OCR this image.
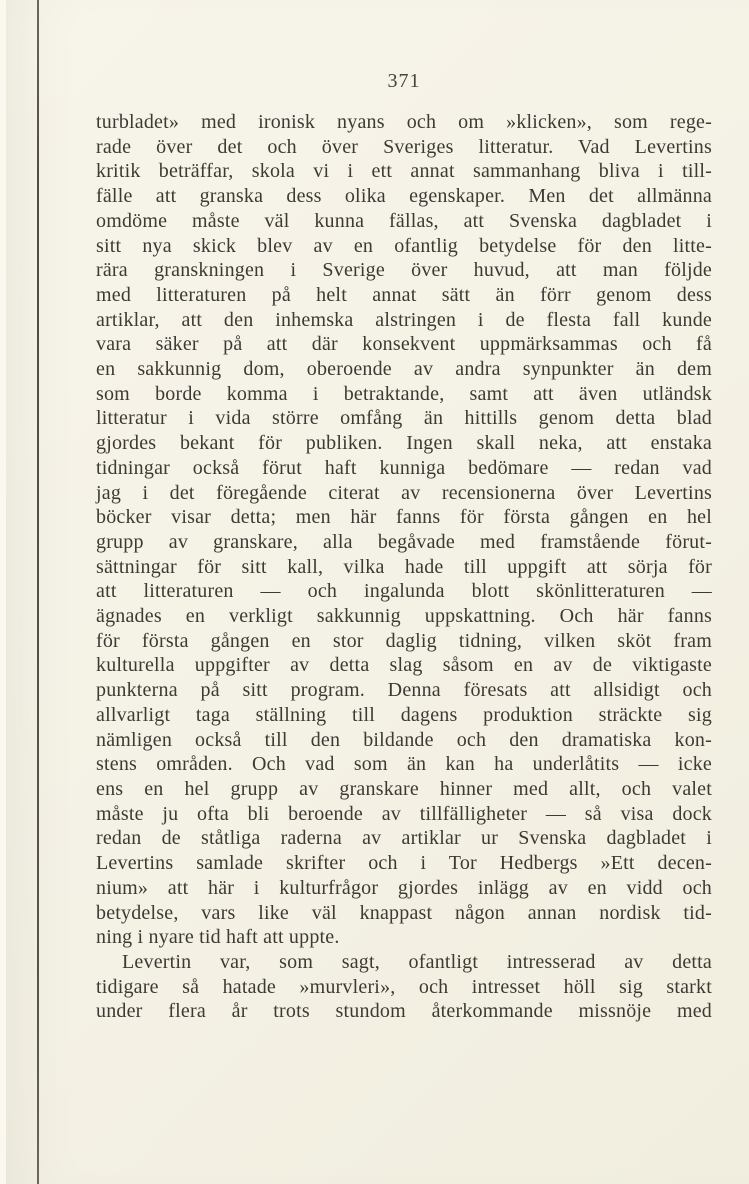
371
turbladet» med ironisk nyans och om »klicken», som rege-
rade över det och över Sveriges litteratur. Vad Levertins
kritik beträffar, skola vi i ett annat sammanhang bliva i till-
fälle att granska dess olika egenskaper. Men det allmänna
omdöme måste väl kunna fällas, att Svenska dagbladet i
sitt nya skick blev av en ofantlig betydelse för den litte-
rära granskningen i Sverige över huvud, att man följde
med litteraturen på helt annat sätt än förr genom dess
artiklar, att den inhemska alstringen i de flesta fall kunde
vara säker på att där konsekvent uppmärksammas och få
en sakkunnig dom, oberoende av andra synpunkter än dem
som borde komma i betraktande, samt att även utländsk
litteratur i vida större omfång än hittills genom detta blad
gjordes bekant för publiken. Ingen skall neka, att enstaka
tidningar också förut haft kunniga bedömare — redan vad
jag i det föregående citerat av recensionerna över Levertins
böcker visar detta; men här fanns för första gången en hel
grupp av granskare, alla begåvade med framstående förut-
sättningar för sitt kall, vilka hade till uppgift att sörja för
att litteraturen — och ingalunda blott skönlitteraturen —
ägnades en verkligt sakkunnig uppskattning. Och här fanns
för första gången en stor daglig tidning, vilken sköt fram
kulturella uppgifter av detta slag såsom en av de viktigaste
punkterna på sitt program. Denna föresats att allsidigt och
allvarligt taga ställning till dagens produktion sträckte sig
nämligen också till den bildande och den dramatiska kon-
stens områden. Och vad som än kan ha underlåtits — icke
ens en hel grupp av granskare hinner med allt, och valet
måste ju ofta bli beroende av tillfälligheter — så visa dock
redan de ståtliga raderna av artiklar ur Svenska dagbladet i
Levertins samlade skrifter och i Tor Hedbergs »Ett decen-
nium» att här i kulturfrågor gjordes inlägg av en vidd och
betydelse, vars like väl knappast någon annan nordisk tid-
ning i nyare tid haft att uppte.
Levertin var, som sagt, ofantligt intresserad av detta
tidigare så hatade »murvleri», och intresset höll sig starkt
under flera år trots stundom återkommande missnöje med
